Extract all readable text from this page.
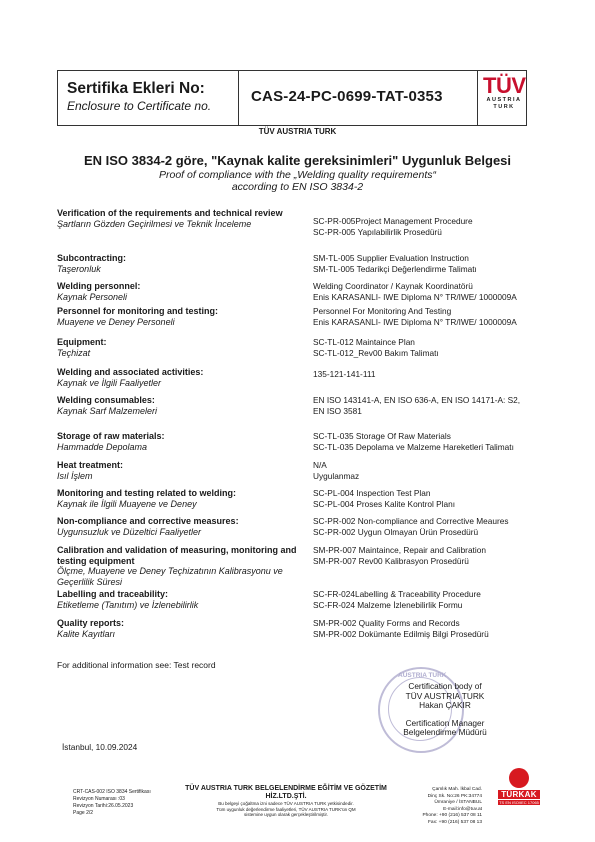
Sertifika Ekleri No:
Enclosure to Certificate no.
CAS-24-PC-0699-TAT-0353 TÜV
AUSTRIA
TURK
TÜV AUSTRIA TURK
EN ISO 3834-2 göre, "Kaynak kalite gereksinimleri" Uygunluk Belgesi
Proof of compliance with the „Welding quality requirements“
according to EN ISO 3834-2
Verification of the requirements and technical review
Şartların Gözden Geçirilmesi ve Teknik İnceleme	SC-PR-005Project Management Procedure
SC-PR-005 Yapılabilirlik Prosedürü
Subcontracting:
Taşeronluk
SM-TL-005 Supplier Evaluation Instruction
SM-TL-005 Tedarikçi Değerlendirme Talimatı
Welding personnel:
Kaynak Personeli
Welding Coordinator / Kaynak Koordinatörü
Enis KARASANLI- IWE Diploma N° TR/IWE/ 1000009A
Personnel for monitoring and testing:
Muayene ve Deney Personeli
Personnel For Monitoring And Testing
Enis KARASANLI- IWE Diploma N° TR/IWE/ 1000009A
Equipment:
Teçhizat
SC-TL-012 Maintaince Plan
SC-TL-012_Rev00 Bakım Talimatı
Welding and associated activities:
Kaynak ve İlgili Faaliyetler
135-121-141-111
Welding consumables:
Kaynak Sarf Malzemeleri
EN ISO 143141-A, EN ISO 636-A, EN ISO 14171-A: S2,
EN ISO 3581
Storage of raw materials:
Hammadde Depolama
SC-TL-035 Storage Of Raw Materials
SC-TL-035 Depolama ve Malzeme Hareketleri Talimatı
Heat treatment:
Isıl İşlem
N/A
Uygulanmaz
Monitoring and testing related to welding:
Kaynak ile İlgili Muayene ve Deney
SC-PL-004 Inspection Test Plan
SC-PL-004 Proses Kalite Kontrol Planı
Non-compliance and corrective measures:
Uygunsuzluk ve Düzeltici Faaliyetler
SC-PR-002 Non-compliance and Corrective Meaures
SC-PR-002 Uygun Olmayan Ürün Prosedürü
Calibration and validation of measuring, monitoring and testing equipment
Ölçme, Muayene ve Deney Teçhizatının Kalibrasyonu ve Geçerlilik Süresi
SM-PR-007 Maintaince, Repair and Calibration
SM-PR-007 Rev00 Kalibrasyon Prosedürü
Labelling and traceability:
Etiketleme (Tanıtım) ve İzlenebilirlik
SC-FR-024Labelling & Traceability Procedure
SC-FR-024 Malzeme İzlenebilirlik Formu
Quality reports:
Kalite Kayıtları
SM-PR-002 Quality Forms and Records
SM-PR-002 Dokümante Edilmiş Bilgi Prosedürü
For additional information see: Test record
AUSTRIA TURK
Certification body of
TÜV AUSTRIA TURK
Hakan ÇAKIR
Certification Manager
Belgelendirme Müdürü
İstanbul, 10.09.2024
CRT-CAS-002 ISO 3834 Sertifikası
Revizyon Numarası :03
Revizyon Tarihi:26.05.2023
Page 2/2
TÜV AUSTRIA TURK BELGELENDİRME EĞİTİM VE GÖZETİM HİZ.LTD.ŞTİ.
Bu belgeyi çoğaltma izni sadece TÜV AUSTRIA TURK yetkisindedir.
Tüm uygunluk değerlendirme faaliyetleri, TÜV AUSTRIA TURK'ün QM
sistemine uygun olarak gerçekleştirilmiştir.
Çamlık Mah. İkbal Cad.
Dinç Sk. No:26 PK:34774
Ümraniye / İSTANBUL
E-mail:info@tuv.at
Phone: +90 (216) 537 08 11
Fax: +90 (216) 537 08 13
TÜRKAK
TS EN ISO/IEC 17065
